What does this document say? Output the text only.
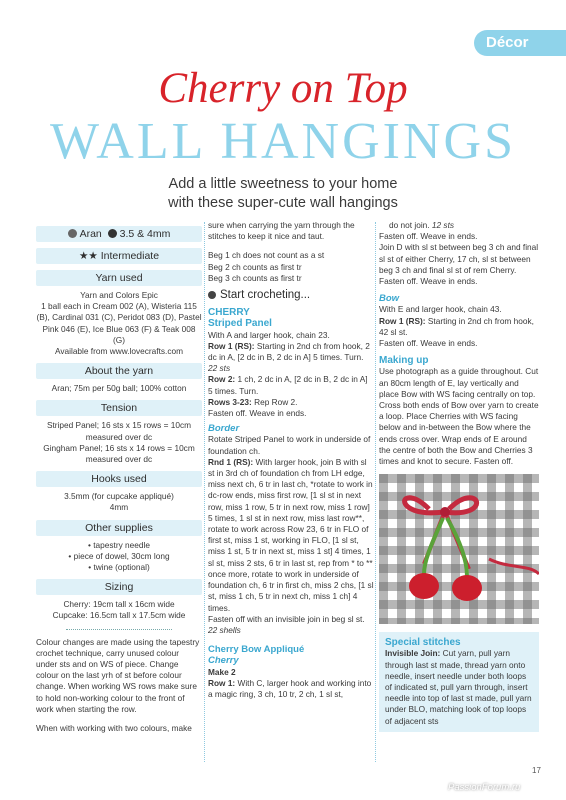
Décor
Cherry on Top
WALL HANGINGS
Add a little sweetness to your home
with these super-cute wall hangings
Aran 3.5 & 4mm
★★ Intermediate
Yarn used
Yarn and Colors Epic
1 ball each in Cream 002 (A), Wisteria 115
(B), Cardinal 031 (C), Peridot 083 (D), Pastel
Pink 046 (E), Ice Blue 063 (F) & Teak 008 (G)
Available from www.lovecrafts.com
About the yarn
Aran; 75m per 50g ball; 100% cotton
Tension
Striped Panel; 16 sts x 15 rows = 10cm
measured over dc
Gingham Panel; 16 sts x 14 rows = 10cm
measured over dc
Hooks used
3.5mm (for cupcake appliqué)
4mm
Other supplies
• tapestry needle
• piece of dowel, 30cm long
• twine (optional)
Sizing
Cherry: 19cm tall x 16cm wide
Cupcake: 16.5cm tall x 17.5cm wide

Colour changes are made using the tapestry crochet technique, carry unused colour under sts and on WS of piece. Change colour on the last yrh of st before colour change. When working WS rows make sure to hold non-working colour to the front of work when starting the row.

When with working with two colours, make

sure when carrying the yarn through the stitches to keep it nice and taut.

Beg 1 ch does not count as a st
Beg 2 ch counts as first tr
Beg 3 ch counts as first tr
Start crocheting...
CHERRY
Striped Panel

With A and larger hook, chain 23.

Row 1 (RS): Starting in 2nd ch from hook, 2 dc in A, [2 dc in B, 2 dc in A] 5 times. Turn. 22 sts

Row 2: 1 ch, 2 dc in A, [2 dc in B, 2 dc in A] 5 times. Turn.

Rows 3-23: Rep Row 2.

Fasten off. Weave in ends.

Border

Rotate Striped Panel to work in underside of foundation ch.

Rnd 1 (RS): With larger hook, join B with sl st in 3rd ch of foundation ch from LH edge, miss next ch, 6 tr in last ch, *rotate to work in dc-row ends, miss first row, [1 sl st in next row, miss 1 row, 5 tr in next row, miss 1 row] 5 times, 1 sl st in next row, miss last row**, rotate to work across Row 23, 6 tr in FLO of first st, miss 1 st, working in FLO, [1 sl st, miss 1 st, 5 tr in next st, miss 1 st] 4 times, 1 sl st, miss 2 sts, 6 tr in last st, rep from * to ** once more, rotate to work in underside of foundation ch, 6 tr in first ch, miss 2 chs, [1 sl st, miss 1 ch, 5 tr in next ch, miss 1 ch] 4 times.

Fasten off with an invisible join in beg sl st.

22 shells

Cherry Bow Appliqué
Cherry

Make 2

Row 1: With C, larger hook and working into a magic ring, 3 ch, 10 tr, 2 ch, 1 sl st,

do not join. 12 sts

Fasten off. Weave in ends.

Join D with sl st between beg 3 ch and final sl st of either Cherry, 17 ch, sl st between beg 3 ch and final sl st of rem Cherry.

Fasten off. Weave in ends.

Bow

With E and larger hook, chain 43.

Row 1 (RS): Starting in 2nd ch from hook, 42 sl st.

Fasten off. Weave in ends.

Making up

Use photograph as a guide throughout. Cut an 80cm length of E, lay vertically and place Bow with WS facing centrally on top. Cross both ends of Bow over yarn to create a loop. Place Cherries with WS facing below and in-between the Bow where the ends cross over. Wrap ends of E around the centre of both the Bow and Cherries 3 times and knot to secure. Fasten off.

Special stitches

Invisible Join: Cut yarn, pull yarn through last st made, thread yarn onto needle, insert needle under both loops of indicated st, pull yarn through, insert needle into top of last st made, pull yarn under BLO, matching look of top loops of adjacent sts

17
PassionForum.ru
